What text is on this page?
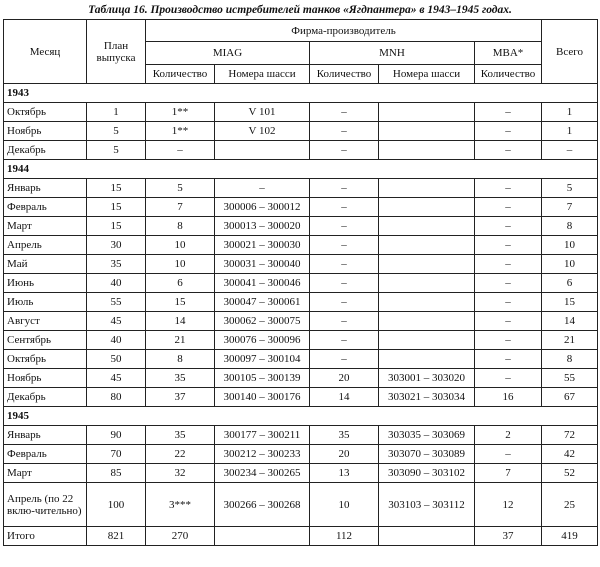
Таблица 16. Производство истребителей танков «Ягдпантера» в 1943–1945 годах.
Месяц	План выпуска	Фирма-производитель					Всего
		MIAG		MNH		MBA*	
		Количество	Номера шасси	Количество	Номера шасси	Количество	
1943							
Октябрь	1	1**	V 101	–		–	1
Ноябрь	5	1**	V 102	–		–	1
Декабрь	5	–		–		–	–
1944							
Январь	15	5	–	–		–	5
Февраль	15	7	300006 – 300012	–		–	7
Март	15	8	300013 – 300020	–		–	8
Апрель	30	10	300021 – 300030	–		–	10
Май	35	10	300031 – 300040	–		–	10
Июнь	40	6	300041 – 300046	–		–	6
Июль	55	15	300047 – 300061	–		–	15
Август	45	14	300062 – 300075	–		–	14
Сентябрь	40	21	300076 – 300096	–		–	21
Октябрь	50	8	300097 – 300104	–		–	8
Ноябрь	45	35	300105 – 300139	20	303001 – 303020	–	55
Декабрь	80	37	300140 – 300176	14	303021 – 303034	16	67
1945							
Январь	90	35	300177 – 300211	35	303035 – 303069	2	72
Февраль	70	22	300212 – 300233	20	303070 – 303089	–	42
Март	85	32	300234 – 300265	13	303090 – 303102	7	52
Апрель (по 22 вклю-чительно)	100	3***	300266 – 300268	10	303103 – 303112	12	25
Итого	821	270		112		37	419
